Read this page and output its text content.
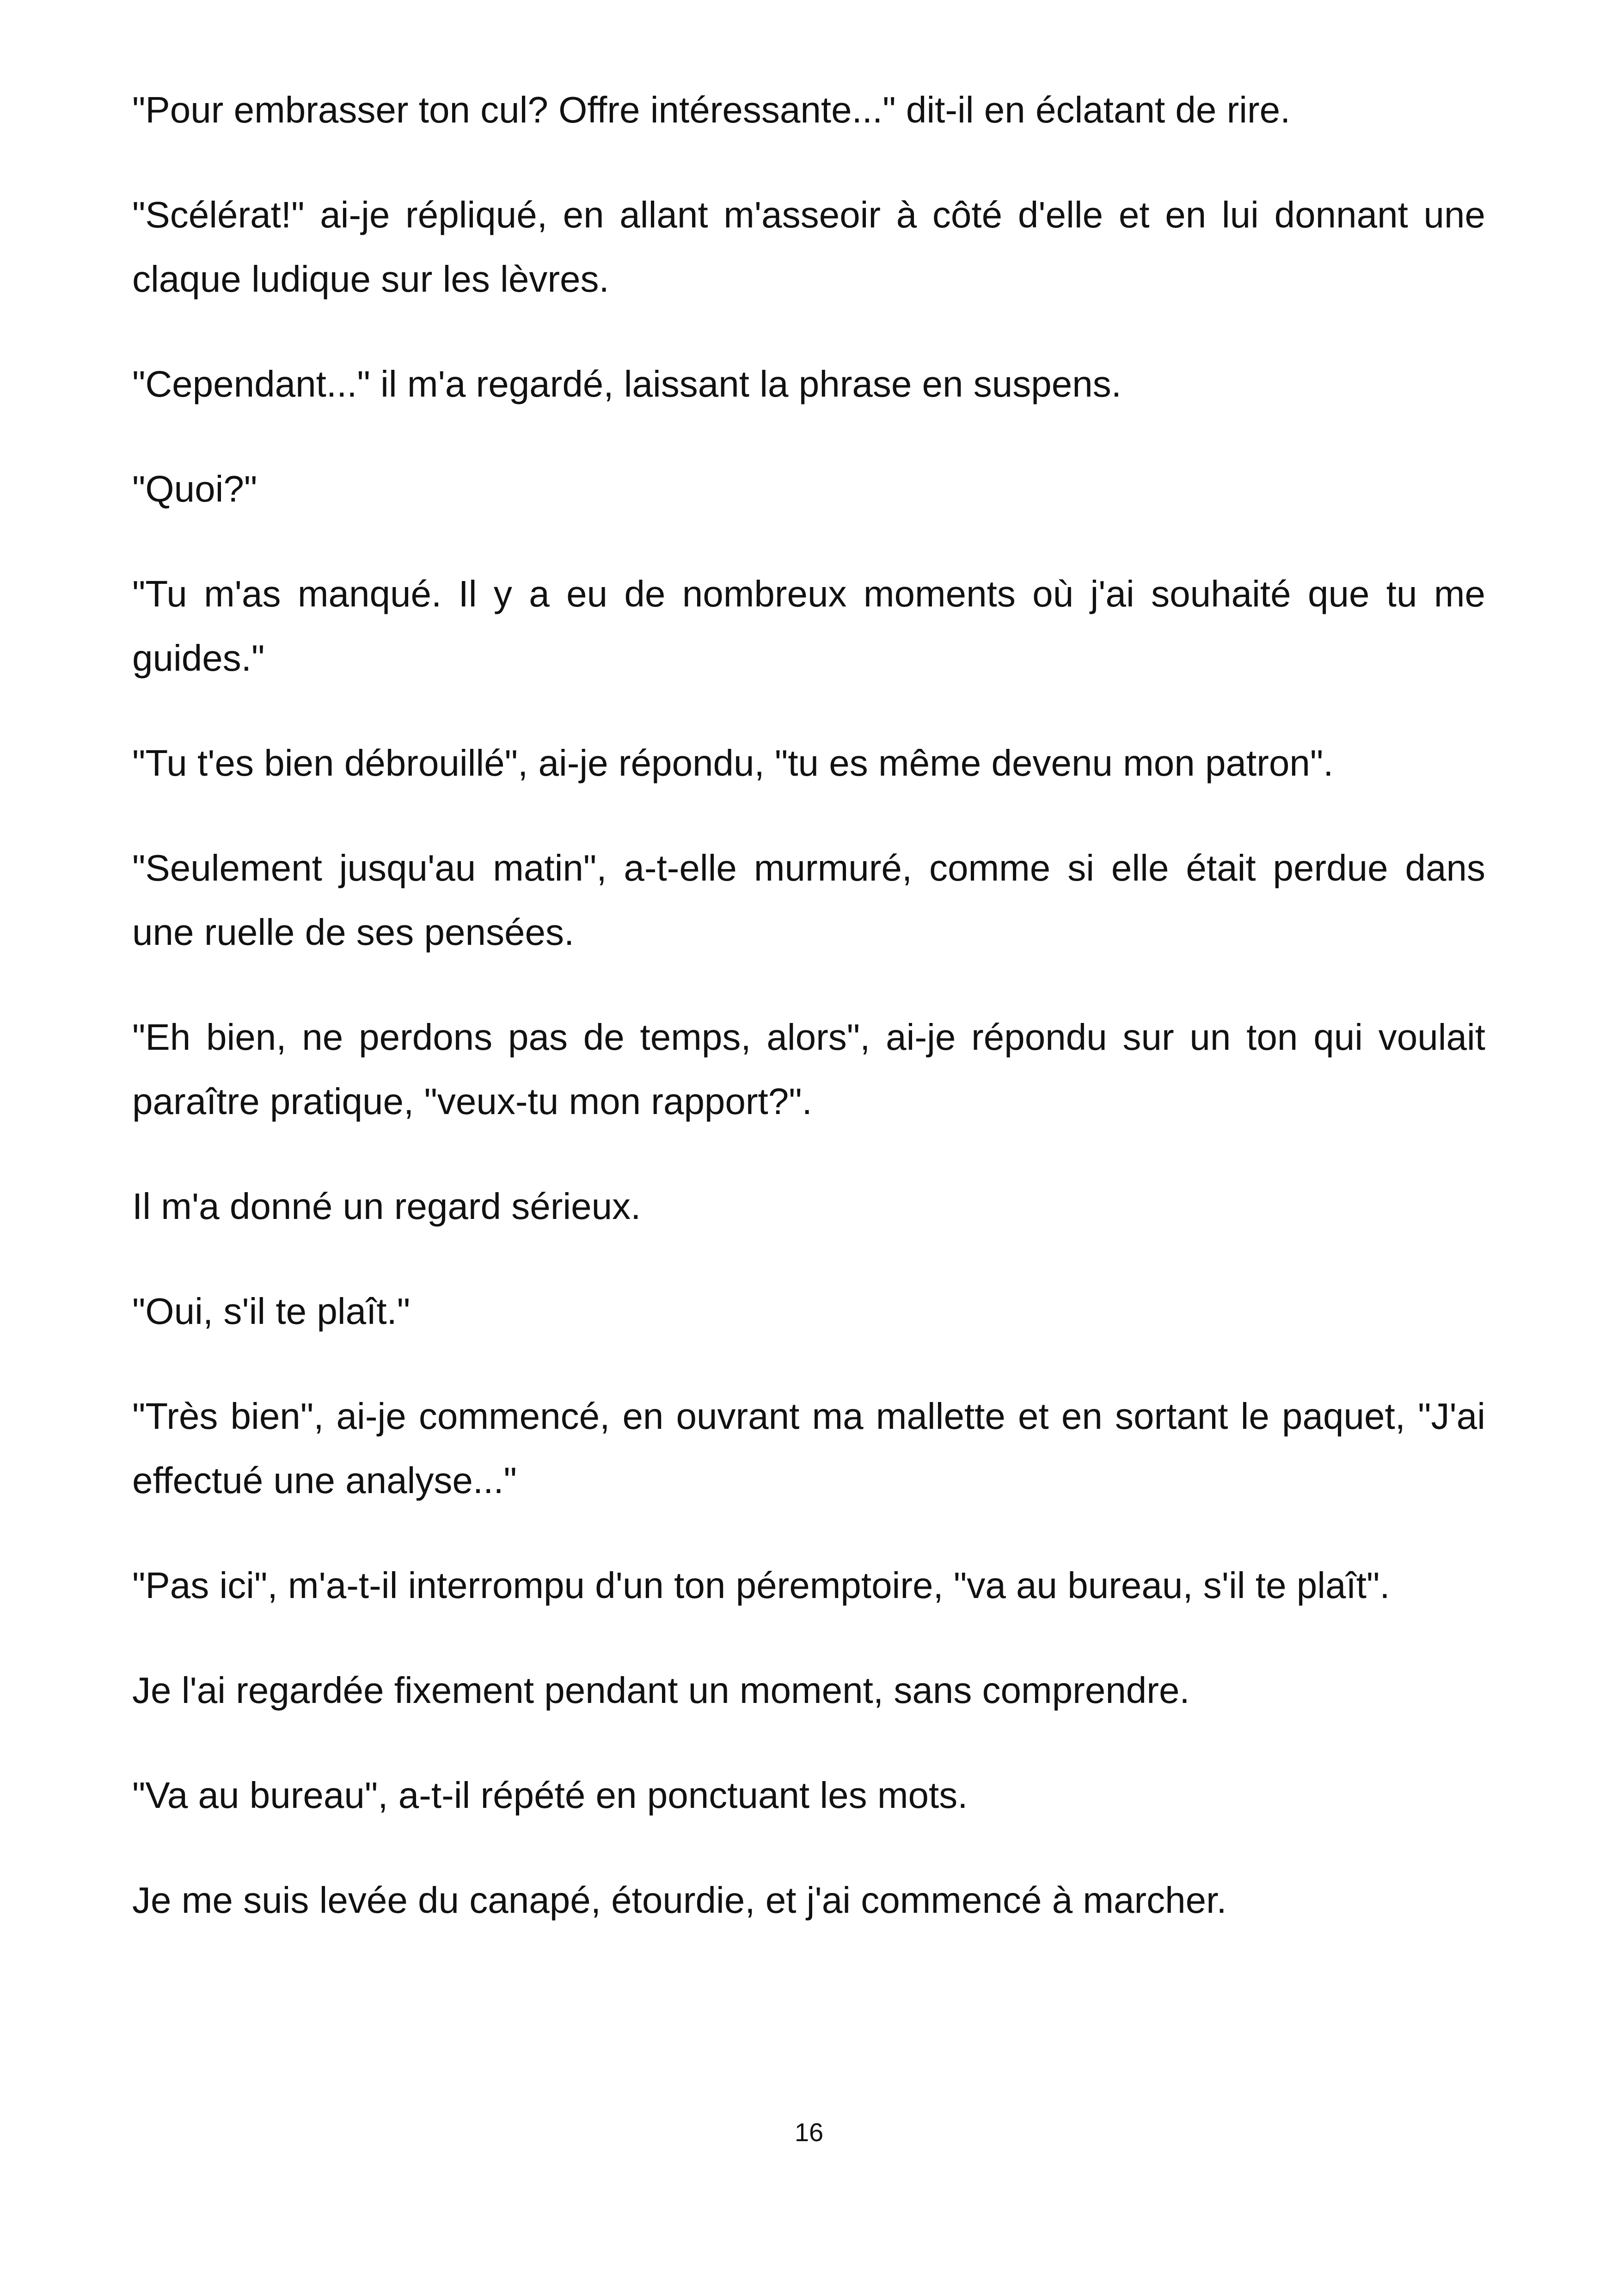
"Pour embrasser ton cul? Offre intéressante..." dit-il en éclatant de rire.

"Scélérat!" ai-je répliqué, en allant m'asseoir à côté d'elle et en lui donnant une claque ludique sur les lèvres.

"Cependant..." il m'a regardé, laissant la phrase en suspens.

"Quoi?"

"Tu m'as manqué. Il y a eu de nombreux moments où j'ai souhaité que tu me guides."

"Tu t'es bien débrouillé", ai-je répondu, "tu es même devenu mon patron".

"Seulement jusqu'au matin", a-t-elle murmuré, comme si elle était perdue dans une ruelle de ses pensées.

"Eh bien, ne perdons pas de temps, alors", ai-je répondu sur un ton qui voulait paraître pratique, "veux-tu mon rapport?".

Il m'a donné un regard sérieux.

"Oui, s'il te plaît."

"Très bien", ai-je commencé, en ouvrant ma mallette et en sortant le paquet, "J'ai effectué une analyse..."

"Pas ici", m'a-t-il interrompu d'un ton péremptoire, "va au bureau, s'il te plaît".

Je l'ai regardée fixement pendant un moment, sans comprendre.

"Va au bureau", a-t-il répété en ponctuant les mots.

Je me suis levée du canapé, étourdie, et j'ai commencé à marcher.

16
